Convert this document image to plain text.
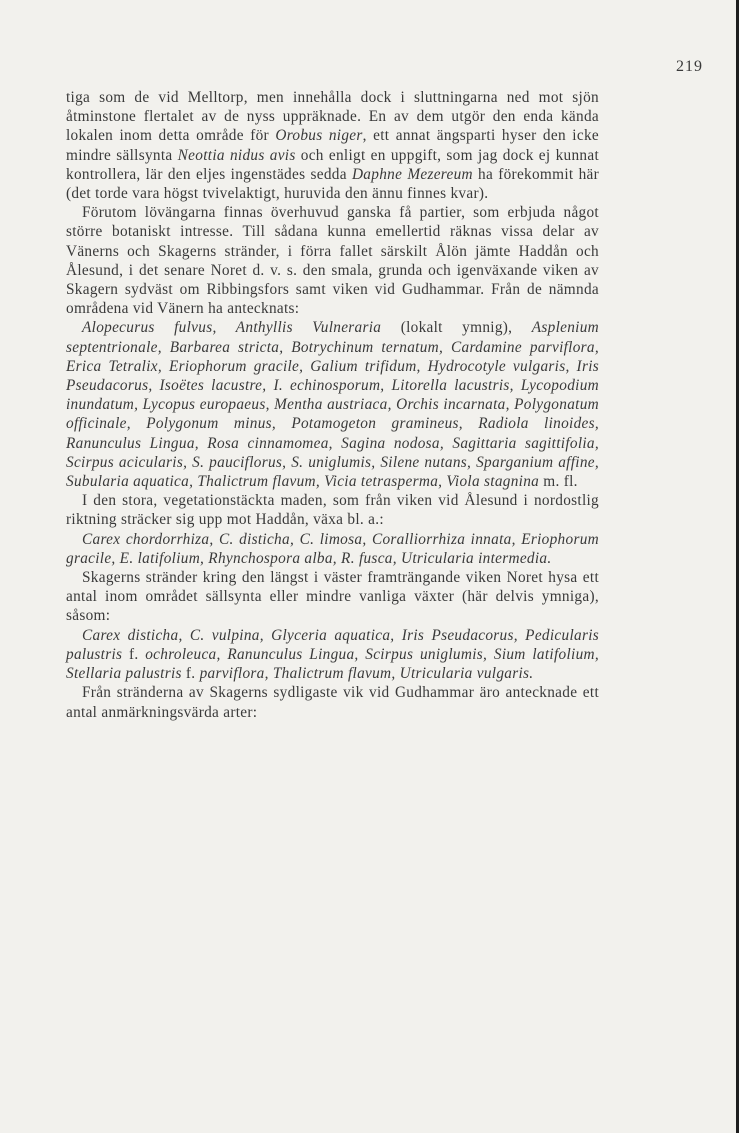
219

tiga som de vid Melltorp, men innehålla dock i sluttningarna ned mot sjön åtminstone flertalet av de nyss uppräknade. En av dem utgör den enda kända lokalen inom detta område för Orobus niger, ett annat ängsparti hyser den icke mindre sällsynta Neottia nidus avis och enligt en uppgift, som jag dock ej kunnat kontrollera, lär den eljes ingenstädes sedda Daphne Mezereum ha förekommit här (det torde vara högst tvivelaktigt, huruvida den ännu finnes kvar).

Förutom lövängarna finnas överhuvud ganska få partier, som erbjuda något större botaniskt intresse. Till sådana kunna emellertid räknas vissa delar av Vänerns och Skagerns stränder, i förra fallet särskilt Ålön jämte Haddån och Ålesund, i det senare Noret d. v. s. den smala, grunda och igenväxande viken av Skagern sydväst om Ribbingsfors samt viken vid Gudhammar. Från de nämnda områdena vid Vänern ha antecknats:

Alopecurus fulvus, Anthyllis Vulneraria (lokalt ymnig), Asplenium septentrionale, Barbarea stricta, Botrychinum ternatum, Cardamine parviflora, Erica Tetralix, Eriophorum gracile, Galium trifidum, Hydrocotyle vulgaris, Iris Pseudacorus, Isoëtes lacustre, I. echinosporum, Litorella lacustris, Lycopodium inundatum, Lycopus europaeus, Mentha austriaca, Orchis incarnata, Polygonatum officinale, Polygonum minus, Potamogeton gramineus, Radiola linoides, Ranunculus Lingua, Rosa cinnamomea, Sagina nodosa, Sagittaria sagittifolia, Scirpus acicularis, S. pauciflorus, S. uniglumis, Silene nutans, Sparganium affine, Subularia aquatica, Thalictrum flavum, Vicia tetrasperma, Viola stagnina m. fl.

I den stora, vegetationstäckta maden, som från viken vid Ålesund i nordostlig riktning sträcker sig upp mot Haddån, växa bl. a.:

Carex chordorrhiza, C. disticha, C. limosa, Coralliorrhiza innata, Eriophorum gracile, E. latifolium, Rhynchospora alba, R. fusca, Utricularia intermedia.

Skagerns stränder kring den längst i väster framträngande viken Noret hysa ett antal inom området sällsynta eller mindre vanliga växter (här delvis ymniga), såsom:

Carex disticha, C. vulpina, Glyceria aquatica, Iris Pseudacorus, Pedicularis palustris f. ochroleuca, Ranunculus Lingua, Scirpus uniglumis, Sium latifolium, Stellaria palustris f. parviflora, Thalictrum flavum, Utricularia vulgaris.

Från stränderna av Skagerns sydligaste vik vid Gudhammar äro antecknade ett antal anmärkningsvärda arter:
